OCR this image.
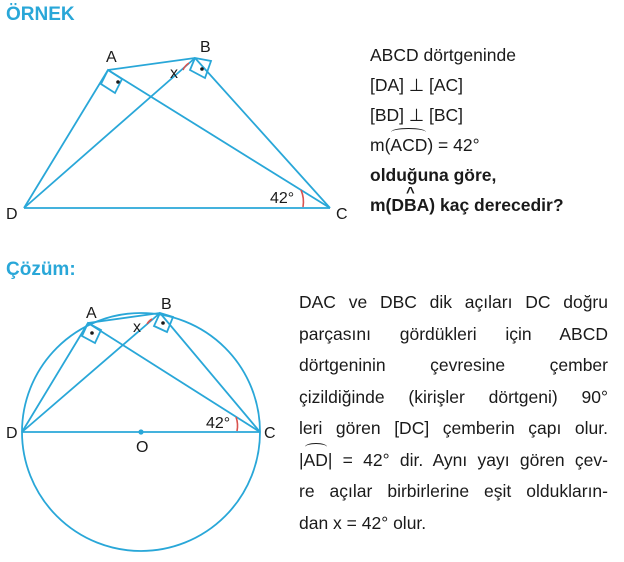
ÖRNEK
Çözüm:
A
B
C
D
x
42°
A
B
C
D
O
x
42°
ABCD dörtgeninde
[DA] ⊥ [AC]
[BD] ⊥ [BC]
m(ACD) = 42°
olduğuna göre,
m(D^ BA) kaç derecedir?
DAC ve DBC dik açıları DC doğru
parçasını gördükleri için ABCD
dörtgeninin çevresine çember
çizildiğinde (kirişler dörtgeni) 90°
leri gören [DC] çemberin çapı olur.
|AD| = 42° dir. Aynı yayı gören çev-
re açılar birbirlerine eşit oldukların-
dan x = 42° olur.
